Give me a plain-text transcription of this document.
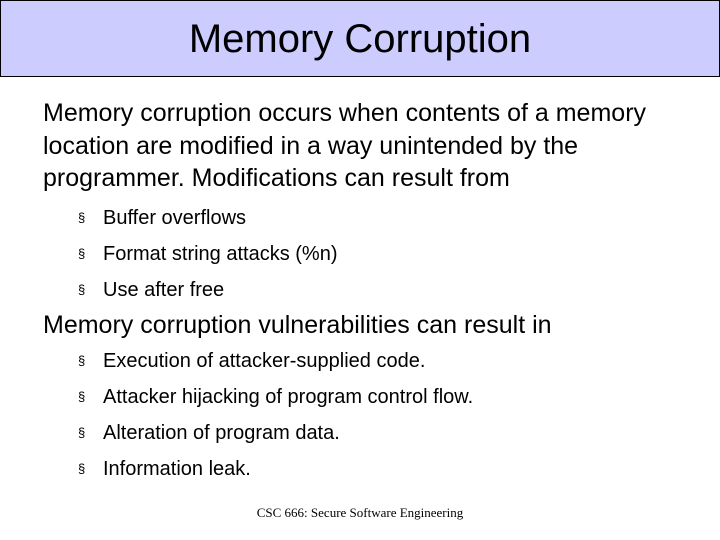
Memory Corruption
Memory corruption occurs when contents of a memory location are modified in a way unintended by the programmer. Modifications can result from
§ Buffer overflows
§ Format string attacks (%n)
§ Use after free
Memory corruption vulnerabilities can result in
§ Execution of attacker-supplied code.
§ Attacker hijacking of program control flow.
§ Alteration of program data.
§ Information leak.
CSC 666: Secure Software Engineering
